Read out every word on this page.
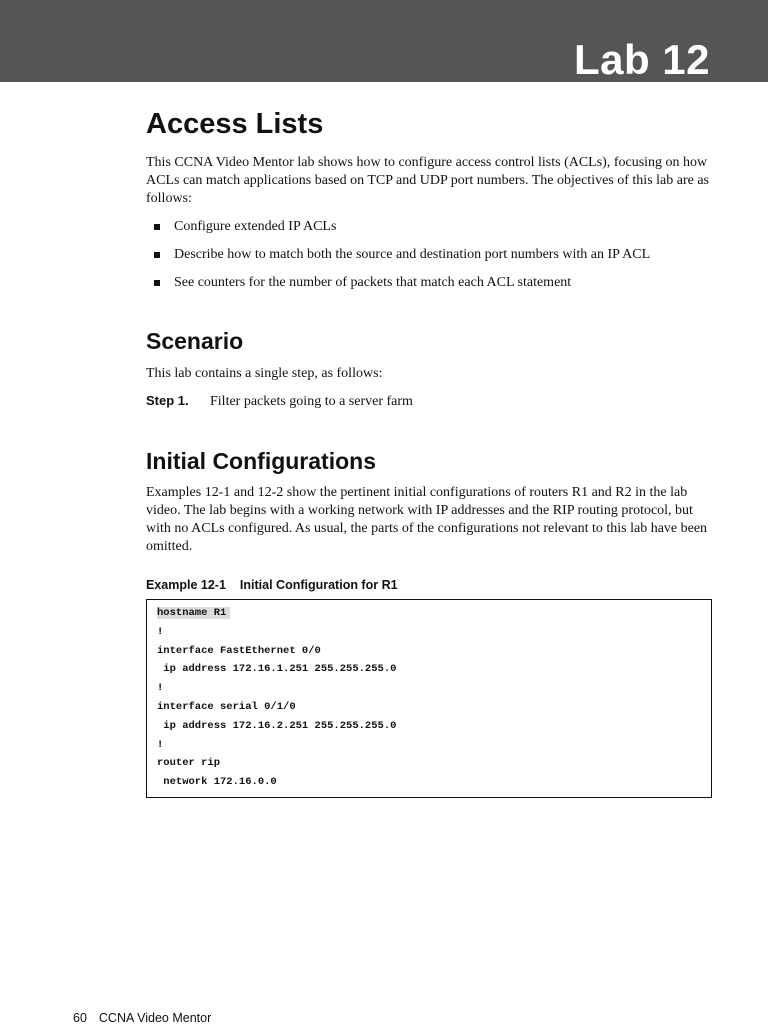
Lab 12
Access Lists

This CCNA Video Mentor lab shows how to configure access control lists (ACLs), focusing on how ACLs can match applications based on TCP and UDP port numbers. The objectives of this lab are as follows:

Configure extended IP ACLs
Describe how to match both the source and destination port numbers with an IP ACL
See counters for the number of packets that match each ACL statement
Scenario

This lab contains a single step, as follows:

Step 1. Filter packets going to a server farm
Initial Configurations

Examples 12-1 and 12-2 show the pertinent initial configurations of routers R1 and R2 in the lab video. The lab begins with a working network with IP addresses and the RIP routing protocol, but with no ACLs configured. As usual, the parts of the configurations not relevant to this lab have been omitted.

Example 12-1 Initial Configuration for R1
hostname R1
!
interface FastEthernet 0/0
ip address 172.16.1.251 255.255.255.0
!
interface serial 0/1/0
ip address 172.16.2.251 255.255.255.0
!
router rip
network 172.16.0.0
60 CCNA Video Mentor
